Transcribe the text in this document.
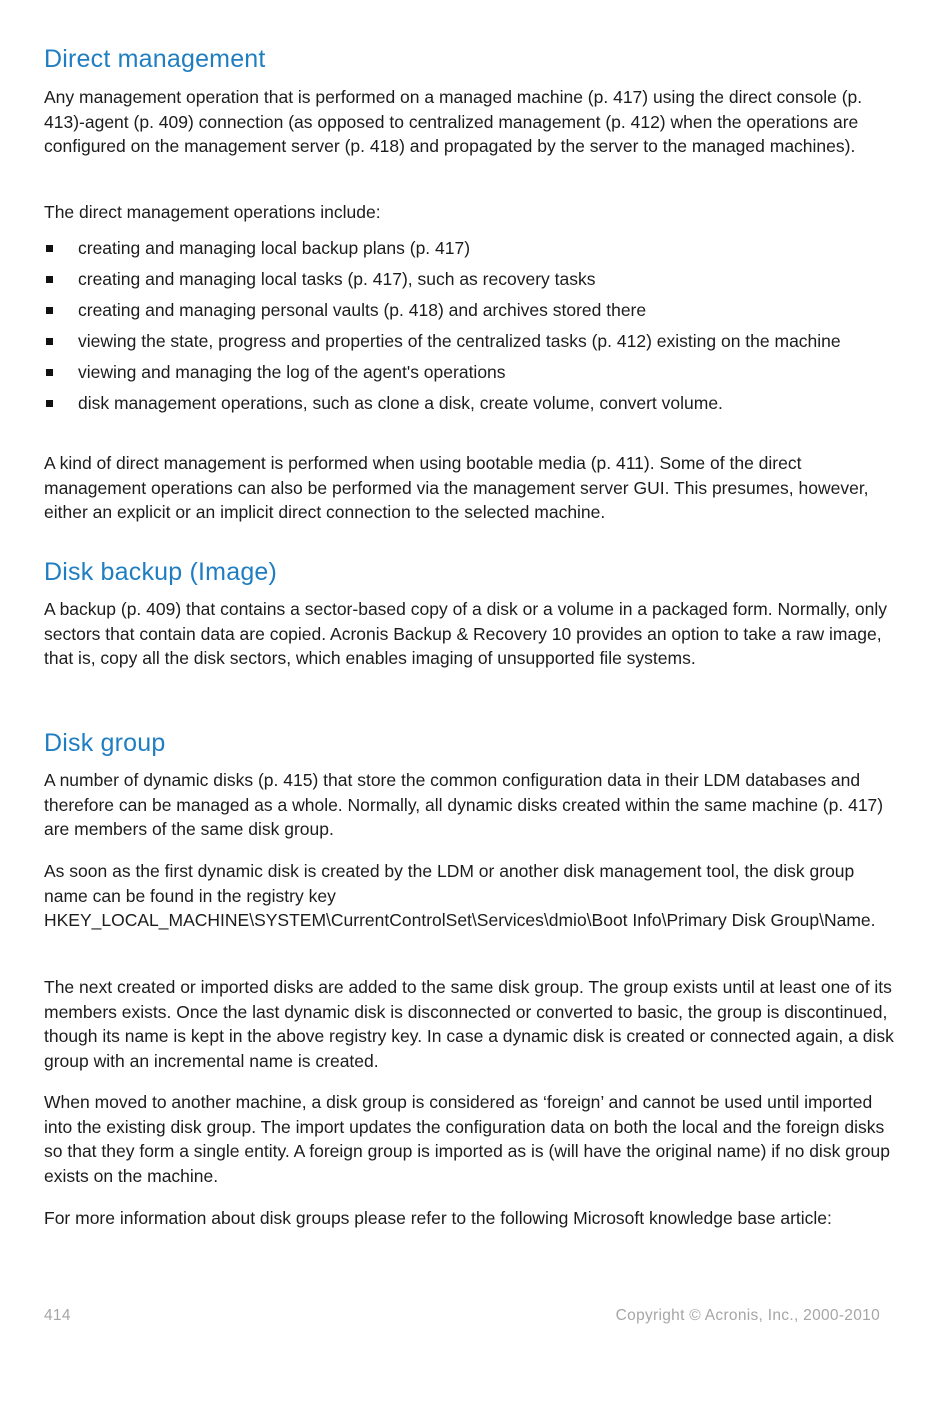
Direct management

Any management operation that is performed on a managed machine (p. 417) using the direct console (p. 413)-agent (p. 409) connection (as opposed to centralized management (p. 412) when the operations are configured on the management server (p. 418) and propagated by the server to the managed machines).

The direct management operations include:

creating and managing local backup plans (p. 417)
creating and managing local tasks (p. 417), such as recovery tasks
creating and managing personal vaults (p. 418) and archives stored there
viewing the state, progress and properties of the centralized tasks (p. 412) existing on the machine
viewing and managing the log of the agent's operations
disk management operations, such as clone a disk, create volume, convert volume.

A kind of direct management is performed when using bootable media (p. 411). Some of the direct management operations can also be performed via the management server GUI. This presumes, however, either an explicit or an implicit direct connection to the selected machine.

Disk backup (Image)

A backup (p. 409) that contains a sector-based copy of a disk or a volume in a packaged form. Normally, only sectors that contain data are copied. Acronis Backup & Recovery 10 provides an option to take a raw image, that is, copy all the disk sectors, which enables imaging of unsupported file systems.

Disk group

A number of dynamic disks (p. 415) that store the common configuration data in their LDM databases and therefore can be managed as a whole. Normally, all dynamic disks created within the same machine (p. 417) are members of the same disk group.

As soon as the first dynamic disk is created by the LDM or another disk management tool, the disk group name can be found in the registry key HKEY_LOCAL_MACHINE\SYSTEM\CurrentControlSet\Services\dmio\Boot Info\Primary Disk Group\Name.

The next created or imported disks are added to the same disk group. The group exists until at least one of its members exists. Once the last dynamic disk is disconnected or converted to basic, the group is discontinued, though its name is kept in the above registry key. In case a dynamic disk is created or connected again, a disk group with an incremental name is created.

When moved to another machine, a disk group is considered as ‘foreign’ and cannot be used until imported into the existing disk group. The import updates the configuration data on both the local and the foreign disks so that they form a single entity. A foreign group is imported as is (will have the original name) if no disk group exists on the machine.

For more information about disk groups please refer to the following Microsoft knowledge base article:

414	Copyright © Acronis, Inc., 2000-2010
